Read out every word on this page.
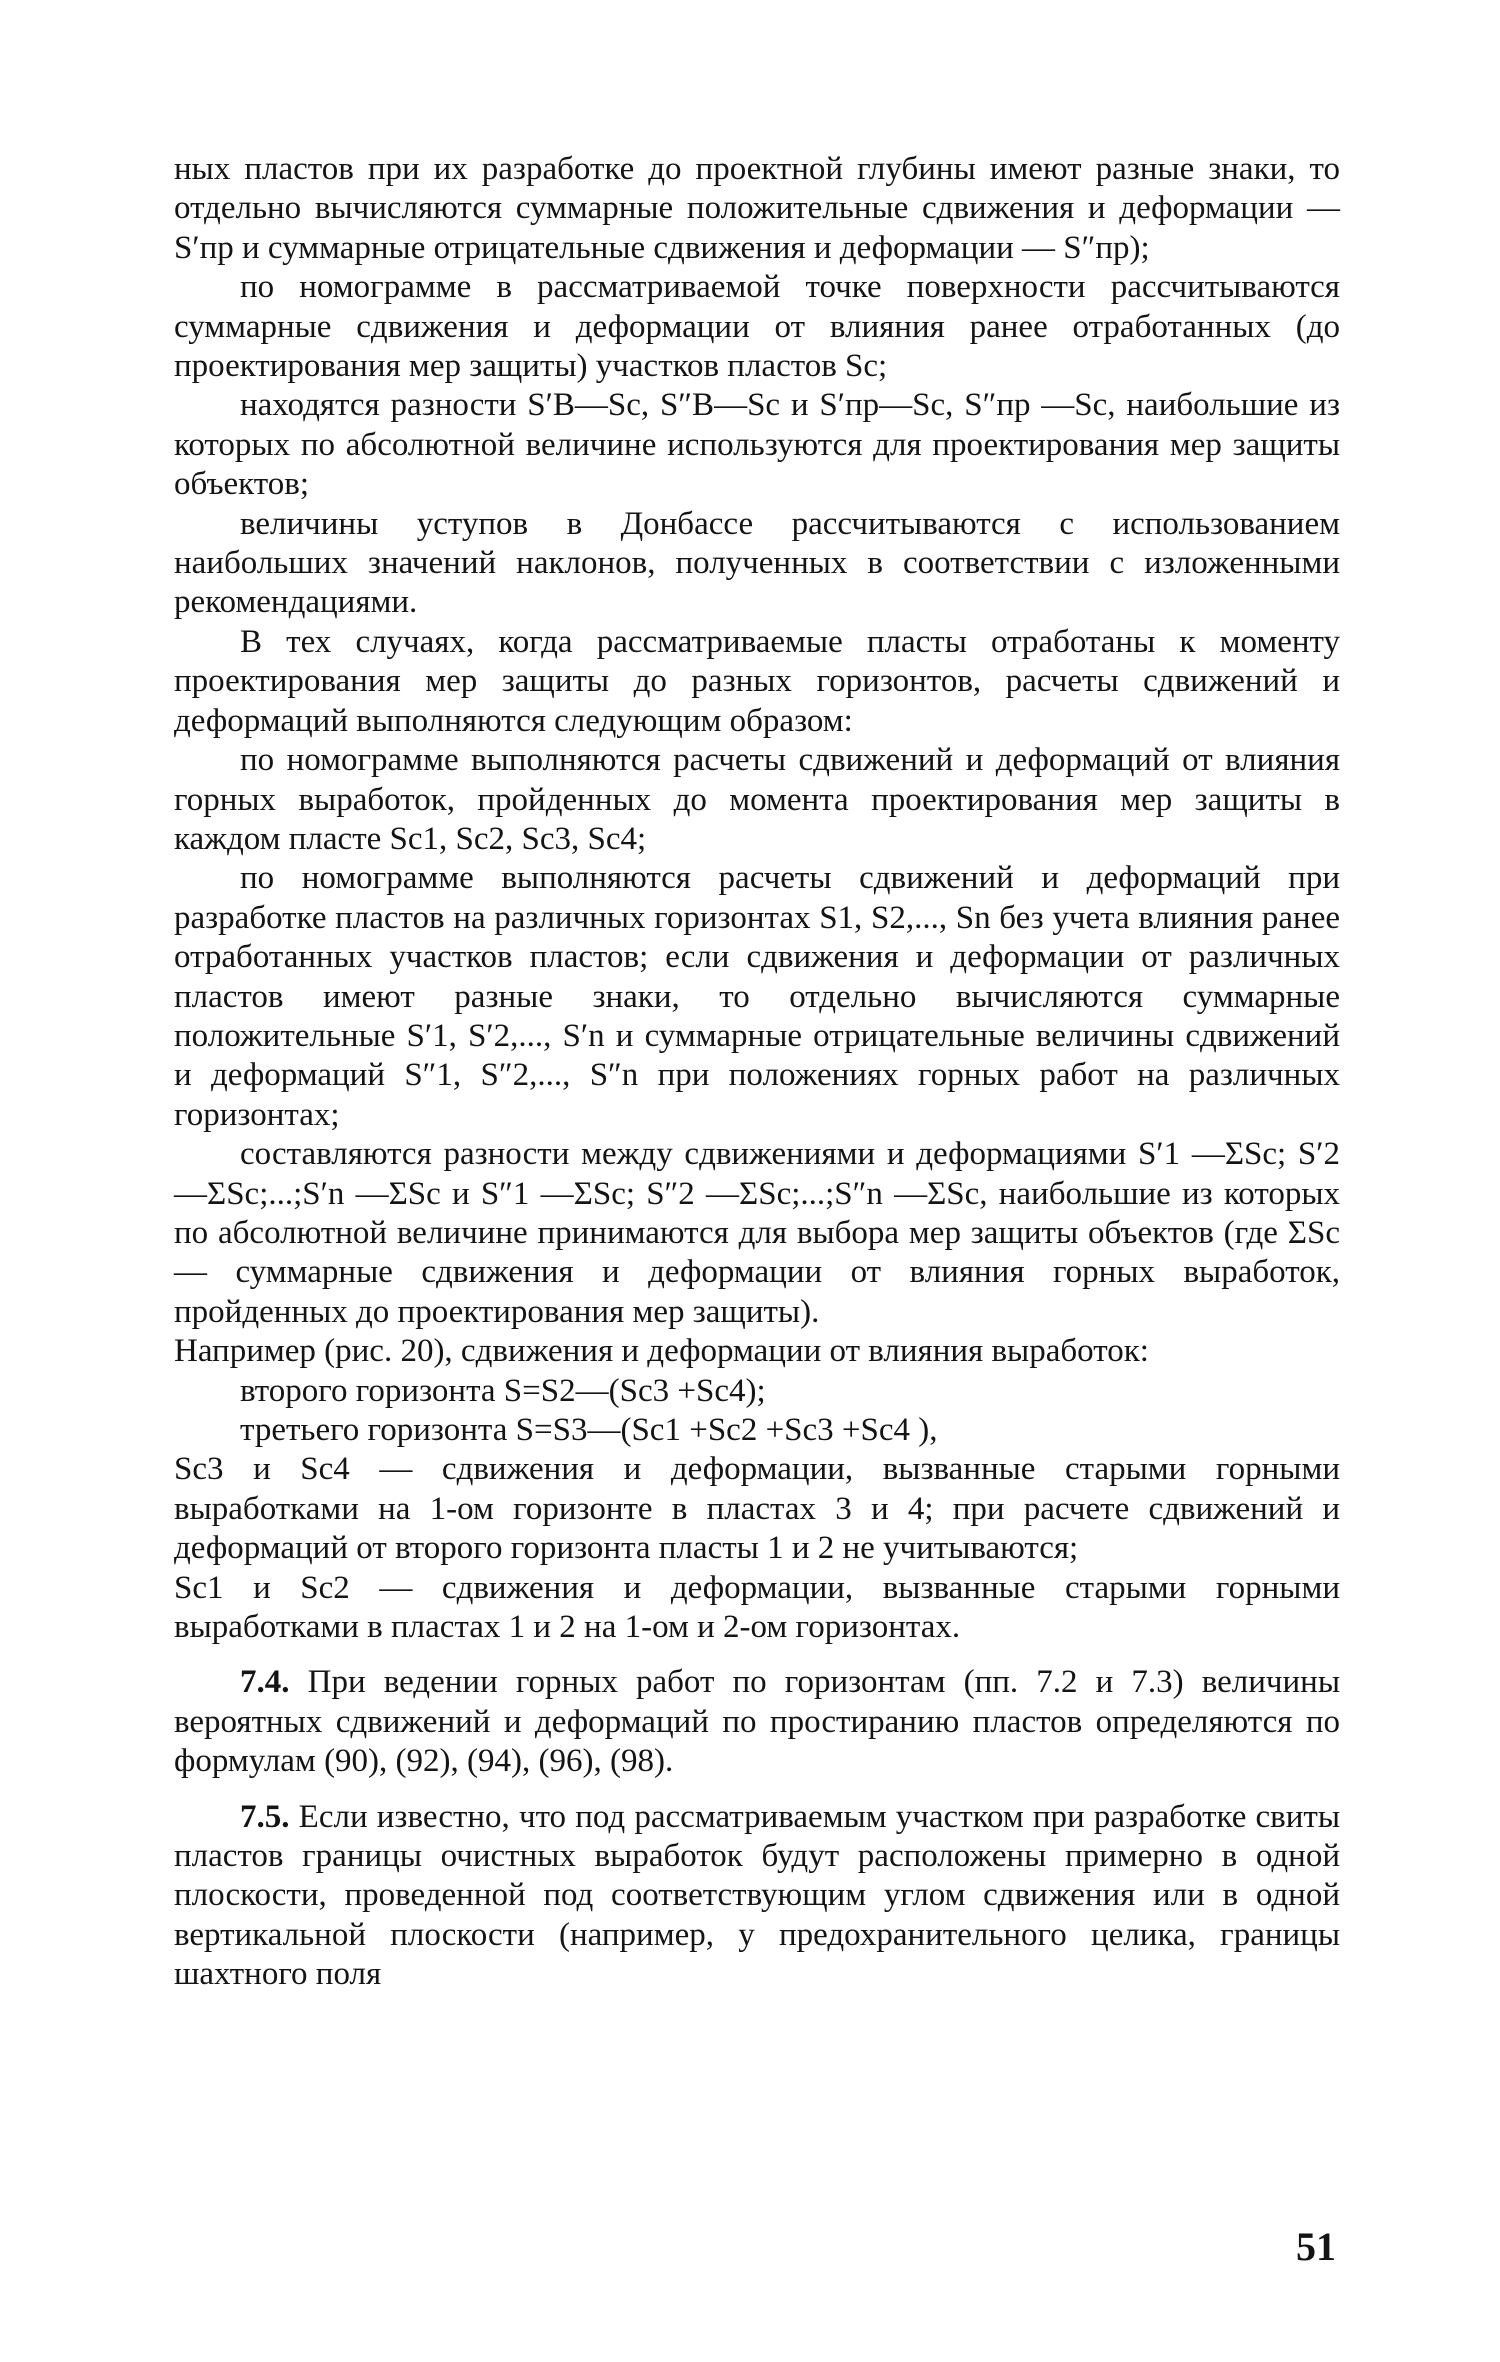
ных пластов при их разработке до проектной глубины имеют разные знаки, то отдельно вычисляются суммарные положительные сдвижения и деформации — S′пр и суммарные отрицательные сдвижения и деформации — S″пр);

по номограмме в рассматриваемой точке поверхности рассчитываются суммарные сдвижения и деформации от влияния ранее отработанных (до проектирования мер защиты) участков пластов Sc;

находятся разности S′B—Sc, S″B—Sc и S′пр—Sc, S″пр —Sc, наибольшие из которых по абсолютной величине используются для проектирования мер защиты объектов;

величины уступов в Донбассе рассчитываются с использованием наибольших значений наклонов, полученных в соответствии с изложенными рекомендациями.

В тех случаях, когда рассматриваемые пласты отработаны к моменту проектирования мер защиты до разных горизонтов, расчеты сдвижений и деформаций выполняются следующим образом:

по номограмме выполняются расчеты сдвижений и деформаций от влияния горных выработок, пройденных до момента проектирования мер защиты в каждом пласте Sc1, Sc2, Sc3, Sc4;

по номограмме выполняются расчеты сдвижений и деформаций при разработке пластов на различных горизонтах S1, S2,..., Sn без учета влияния ранее отработанных участков пластов; если сдвижения и деформации от различных пластов имеют разные знаки, то отдельно вычисляются суммарные положительные S′1, S′2,..., S′n и суммарные отрицательные величины сдвижений и деформаций S″1, S″2,..., S″n при положениях горных работ на различных горизонтах;

составляются разности между сдвижениями и деформациями S′1 —ΣSc; S′2 —ΣSc;...;S′n —ΣSc и S″1 —ΣSc; S″2 —ΣSc;...;S″n —ΣSc, наибольшие из которых по абсолютной величине принимаются для выбора мер защиты объектов (где ΣSc — суммарные сдвижения и деформации от влияния горных выработок, пройденных до проектирования мер защиты).

Например (рис. 20), сдвижения и деформации от влияния выработок:

второго горизонта S=S2—(Sc3 +Sc4);

третьего горизонта S=S3—(Sc1 +Sc2 +Sc3 +Sc4 ),

Sc3 и Sc4 — сдвижения и деформации, вызванные старыми горными выработками на 1-ом горизонте в пластах 3 и 4; при расчете сдвижений и деформаций от второго горизонта пласты 1 и 2 не учитываются;

Sc1 и Sc2 — сдвижения и деформации, вызванные старыми горными выработками в пластах 1 и 2 на 1-ом и 2-ом горизонтах.

7.4. При ведении горных работ по горизонтам (пп. 7.2 и 7.3) величины вероятных сдвижений и деформаций по простиранию пластов определяются по формулам (90), (92), (94), (96), (98).

7.5. Если известно, что под рассматриваемым участком при разработке свиты пластов границы очистных выработок будут расположены примерно в одной плоскости, проведенной под соответствующим углом сдвижения или в одной вертикальной плоскости (например, у предохранительного целика, границы шахтного поля

51
